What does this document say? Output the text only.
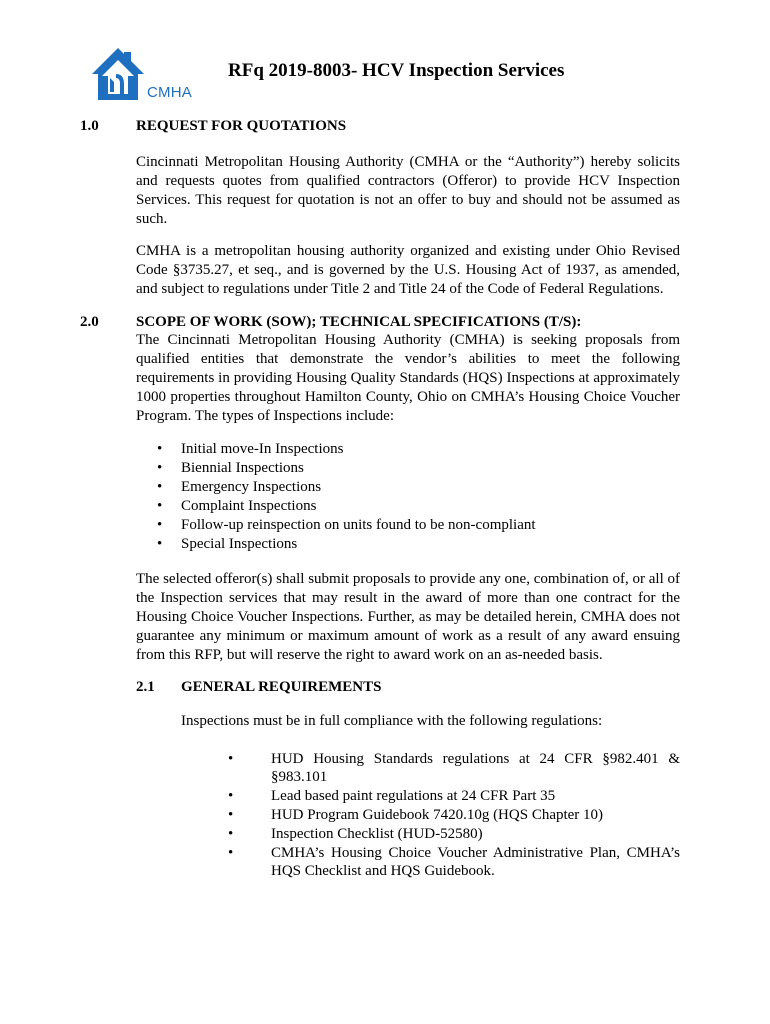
CMHA
RFq 2019-8003- HCV Inspection Services
1.0 REQUEST FOR QUOTATIONS
Cincinnati Metropolitan Housing Authority (CMHA or the “Authority”) hereby solicits and requests quotes from qualified contractors (Offeror) to provide HCV Inspection Services. This request for quotation is not an offer to buy and should not be assumed as such.
CMHA is a metropolitan housing authority organized and existing under Ohio Revised Code §3735.27, et seq., and is governed by the U.S. Housing Act of 1937, as amended, and subject to regulations under Title 2 and Title 24 of the Code of Federal Regulations.
2.0 SCOPE OF WORK (SOW); TECHNICAL SPECIFICATIONS (T/S):
The Cincinnati Metropolitan Housing Authority (CMHA) is seeking proposals from qualified entities that demonstrate the vendor’s abilities to meet the following requirements in providing Housing Quality Standards (HQS) Inspections at approximately 1000 properties throughout Hamilton County, Ohio on CMHA’s Housing Choice Voucher Program. The types of Inspections include:
• Initial move-In Inspections
• Biennial Inspections
• Emergency Inspections
• Complaint Inspections
• Follow-up reinspection on units found to be non-compliant
• Special Inspections
The selected offeror(s) shall submit proposals to provide any one, combination of, or all of the Inspection services that may result in the award of more than one contract for the Housing Choice Voucher Inspections. Further, as may be detailed herein, CMHA does not guarantee any minimum or maximum amount of work as a result of any award ensuing from this RFP, but will reserve the right to award work on an as-needed basis.
2.1 GENERAL REQUIREMENTS
Inspections must be in full compliance with the following regulations:
• HUD Housing Standards regulations at 24 CFR §982.401 & §983.101
• Lead based paint regulations at 24 CFR Part 35
• HUD Program Guidebook 7420.10g (HQS Chapter 10)
• Inspection Checklist (HUD-52580)
• CMHA’s Housing Choice Voucher Administrative Plan, CMHA’s HQS Checklist and HQS Guidebook.
